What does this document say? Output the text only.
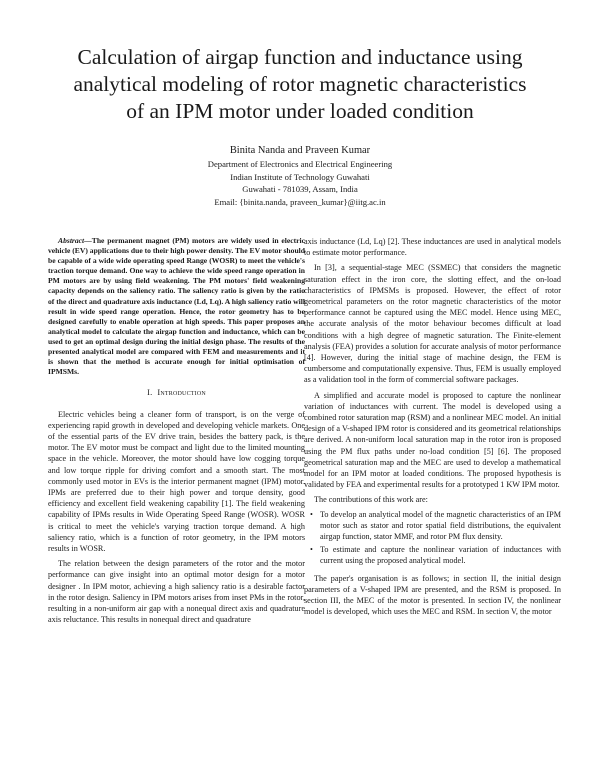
Calculation of airgap function and inductance using
analytical modeling of rotor magnetic characteristics
of an IPM motor under loaded condition
Binita Nanda and Praveen Kumar
Department of Electronics and Electrical Engineering
Indian Institute of Technology Guwahati
Guwahati - 781039, Assam, India
Email: {binita.nanda, praveen_kumar}@iitg.ac.in

Abstract—The permanent magnet (PM) motors are widely used in electric vehicle (EV) applications due to their high power density. The EV motor should be capable of a wide wide operating speed Range (WOSR) to meet the vehicle's traction torque demand. One way to achieve the wide speed range operation in PM motors are by using field weakening. The PM motors' field weakening capacity depends on the saliency ratio. The saliency ratio is given by the ratio of the direct and quadrature axis inductance (Ld, Lq). A high saliency ratio will result in wide speed range operation. Hence, the rotor geometry has to be designed carefully to enable operation at high speeds. This paper proposes an analytical model to calculate the airgap function and inductance, which can be used to get an optimal design during the initial design phase. The results of the presented analytical model are compared with FEM and measurements and it is shown that the method is accurate enough for initial optimisation of IPMSMs.

I. Introduction

Electric vehicles being a cleaner form of transport, is on the verge of experiencing rapid growth in developed and developing vehicle markets. One of the essential parts of the EV drive train, besides the battery pack, is the motor. The EV motor must be compact and light due to the limited mounting space in the vehicle. Moreover, the motor should have low cogging torque and low torque ripple for driving comfort and a smooth start. The most commonly used motor in EVs is the interior permanent magnet (IPM) motor. IPMs are preferred due to their high power and torque density, good efficiency and excellent field weakening capability [1]. The field weakening capability of IPMs results in Wide Operating Speed Range (WOSR). WOSR is critical to meet the vehicle's varying traction torque demand. A high saliency ratio, which is a function of rotor geometry, in the IPM motors results in WOSR.

The relation between the design parameters of the rotor and the motor performance can give insight into an optimal motor design for a motor designer . In IPM motor, achieving a high saliency ratio is a desirable factor in the rotor design. Saliency in IPM motors arises from inset PMs in the rotor, resulting in a non-uniform air gap with a nonequal direct axis and quadrature axis reluctance. This results in nonequal direct and quadrature

axis inductance (Ld, Lq) [2]. These inductances are used in analytical models to estimate motor performance.

In [3], a sequential-stage MEC (SSMEC) that considers the magnetic saturation effect in the iron core, the slotting effect, and the on-load characteristics of IPMSMs is proposed. However, the effect of rotor geometrical parameters on the rotor magnetic characteristics of the motor performance cannot be captured using the MEC model. Hence using MEC, the accurate analysis of the motor behaviour becomes difficult at load conditions with a high degree of magnetic saturation. The Finite-element analysis (FEA) provides a solution for accurate analysis of motor performance [4]. However, during the initial stage of machine design, the FEM is cumbersome and computationally expensive. Thus, FEM is usually employed as a validation tool in the form of commercial software packages.

A simplified and accurate model is proposed to capture the nonlinear variation of inductances with current. The model is developed using a combined rotor saturation map (RSM) and a nonlinear MEC model. An initial design of a V-shaped IPM rotor is considered and its geometrical relationships are derived. A non-uniform local saturation map in the rotor iron is proposed using the PM flux paths under no-load condition [5] [6]. The proposed geometrical saturation map and the MEC are used to develop a mathematical model for an IPM motor at loaded conditions. The proposed hypothesis is validated by FEA and experimental results for a prototyped 1 KW IPM motor.

The contributions of this work are:

• To develop an analytical model of the magnetic characteristics of an IPM motor such as stator and rotor spatial field distributions, the equivalent airgap function, stator MMF, and rotor PM flux density.
• To estimate and capture the nonlinear variation of inductances with current using the proposed analytical model.

The paper's organisation is as follows; in section II, the initial design parameters of a V-shaped IPM are presented, and the RSM is proposed. In section III, the MEC of the motor is presented. In section IV, the nonlinear model is developed, which uses the MEC and RSM. In section V, the motor
